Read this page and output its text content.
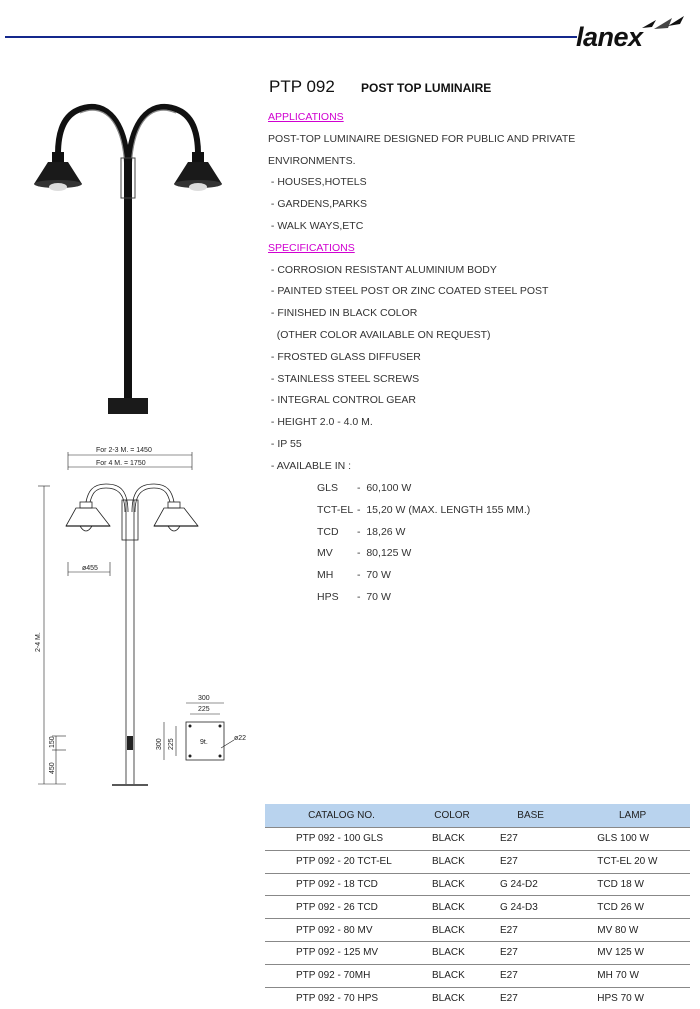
lanex
PTP 092 POST TOP LUMINAIRE
APPLICATIONS
POST-TOP LUMINAIRE DESIGNED FOR PUBLIC AND PRIVATE
ENVIRONMENTS.
- HOUSES,HOTELS
- GARDENS,PARKS
- WALK WAYS,ETC
SPECIFICATIONS
- CORROSION RESISTANT ALUMINIUM BODY
- PAINTED STEEL POST OR ZINC COATED STEEL POST
- FINISHED IN BLACK COLOR
(OTHER COLOR AVAILABLE ON REQUEST)
- FROSTED GLASS DIFFUSER
- STAINLESS STEEL SCREWS
- INTEGRAL CONTROL GEAR
- HEIGHT 2.0 - 4.0 M.
- IP 55
- AVAILABLE IN :
GLS -  60,100 W
TCT-EL -  15,20 W (MAX. LENGTH 155 MM.)
TCD -  18,26 W
MV -  80,125 W
MH -  70 W
HPS -  70 W
For 2-3 M. = 1450
For 4 M. = 1750
ø455
2-4 M.
150
450
300
225
9t.
ø22
300 225
CATALOG NO.	COLOR	BASE	LAMP
PTP 092 - 100 GLS	BLACK	E27	GLS 100 W
PTP 092 - 20 TCT-EL	BLACK	E27	TCT-EL 20 W
PTP 092 - 18 TCD	BLACK	G 24-D2	TCD 18 W
PTP 092 - 26 TCD	BLACK	G 24-D3	TCD 26 W
PTP 092 - 80 MV	BLACK	E27	MV 80 W
PTP 092 - 125 MV	BLACK	E27	MV 125 W
PTP 092 - 70MH	BLACK	E27	MH 70 W
PTP 092 - 70 HPS	BLACK	E27	HPS 70 W
